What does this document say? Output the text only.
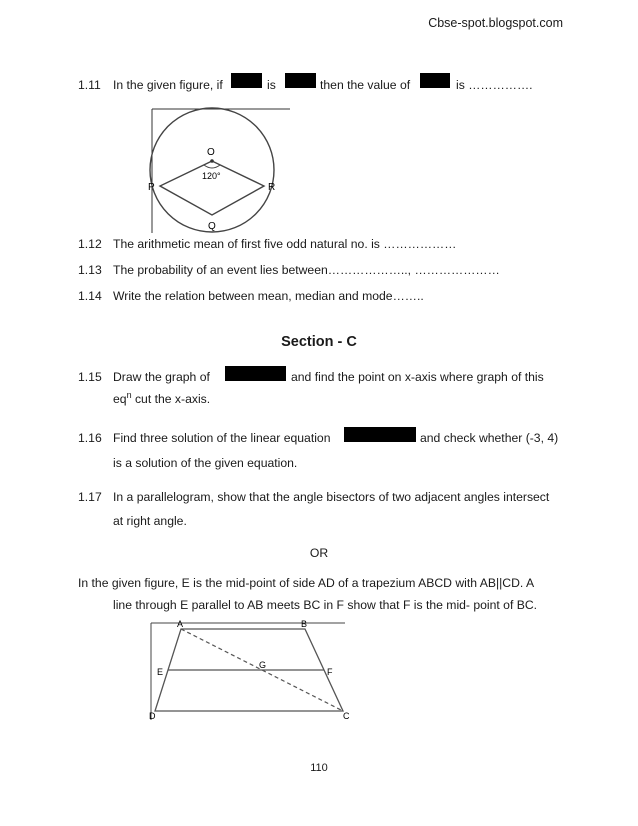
Cbse-spot.blogspot.com
1.11 In the given figure, if	is	then the value of	is …………….
O
120°
P	R
Q
1.12 The arithmetic mean of first five odd natural no. is ………………
1.13 The probability of an event lies between……………….., …………………
1.14 Write the relation between mean, median and mode……..
Section - C
1.15 Draw the graph of	and find the point on x-axis where graph of this
$eq^n$ cut the x-axis.
1.16 Find three solution of the linear equation	and check whether (-3, 4)
is a solution of the given equation.
1.17 In a parallelogram, show that the angle bisectors of two adjacent angles intersect
at right angle.
OR
In the given figure, E is the mid-point of side AD of a trapezium ABCD with AB||CD. A
line through E parallel to AB meets BC in F show that F is the mid- point of BC.
A	B
E
G
F
D	C
110
